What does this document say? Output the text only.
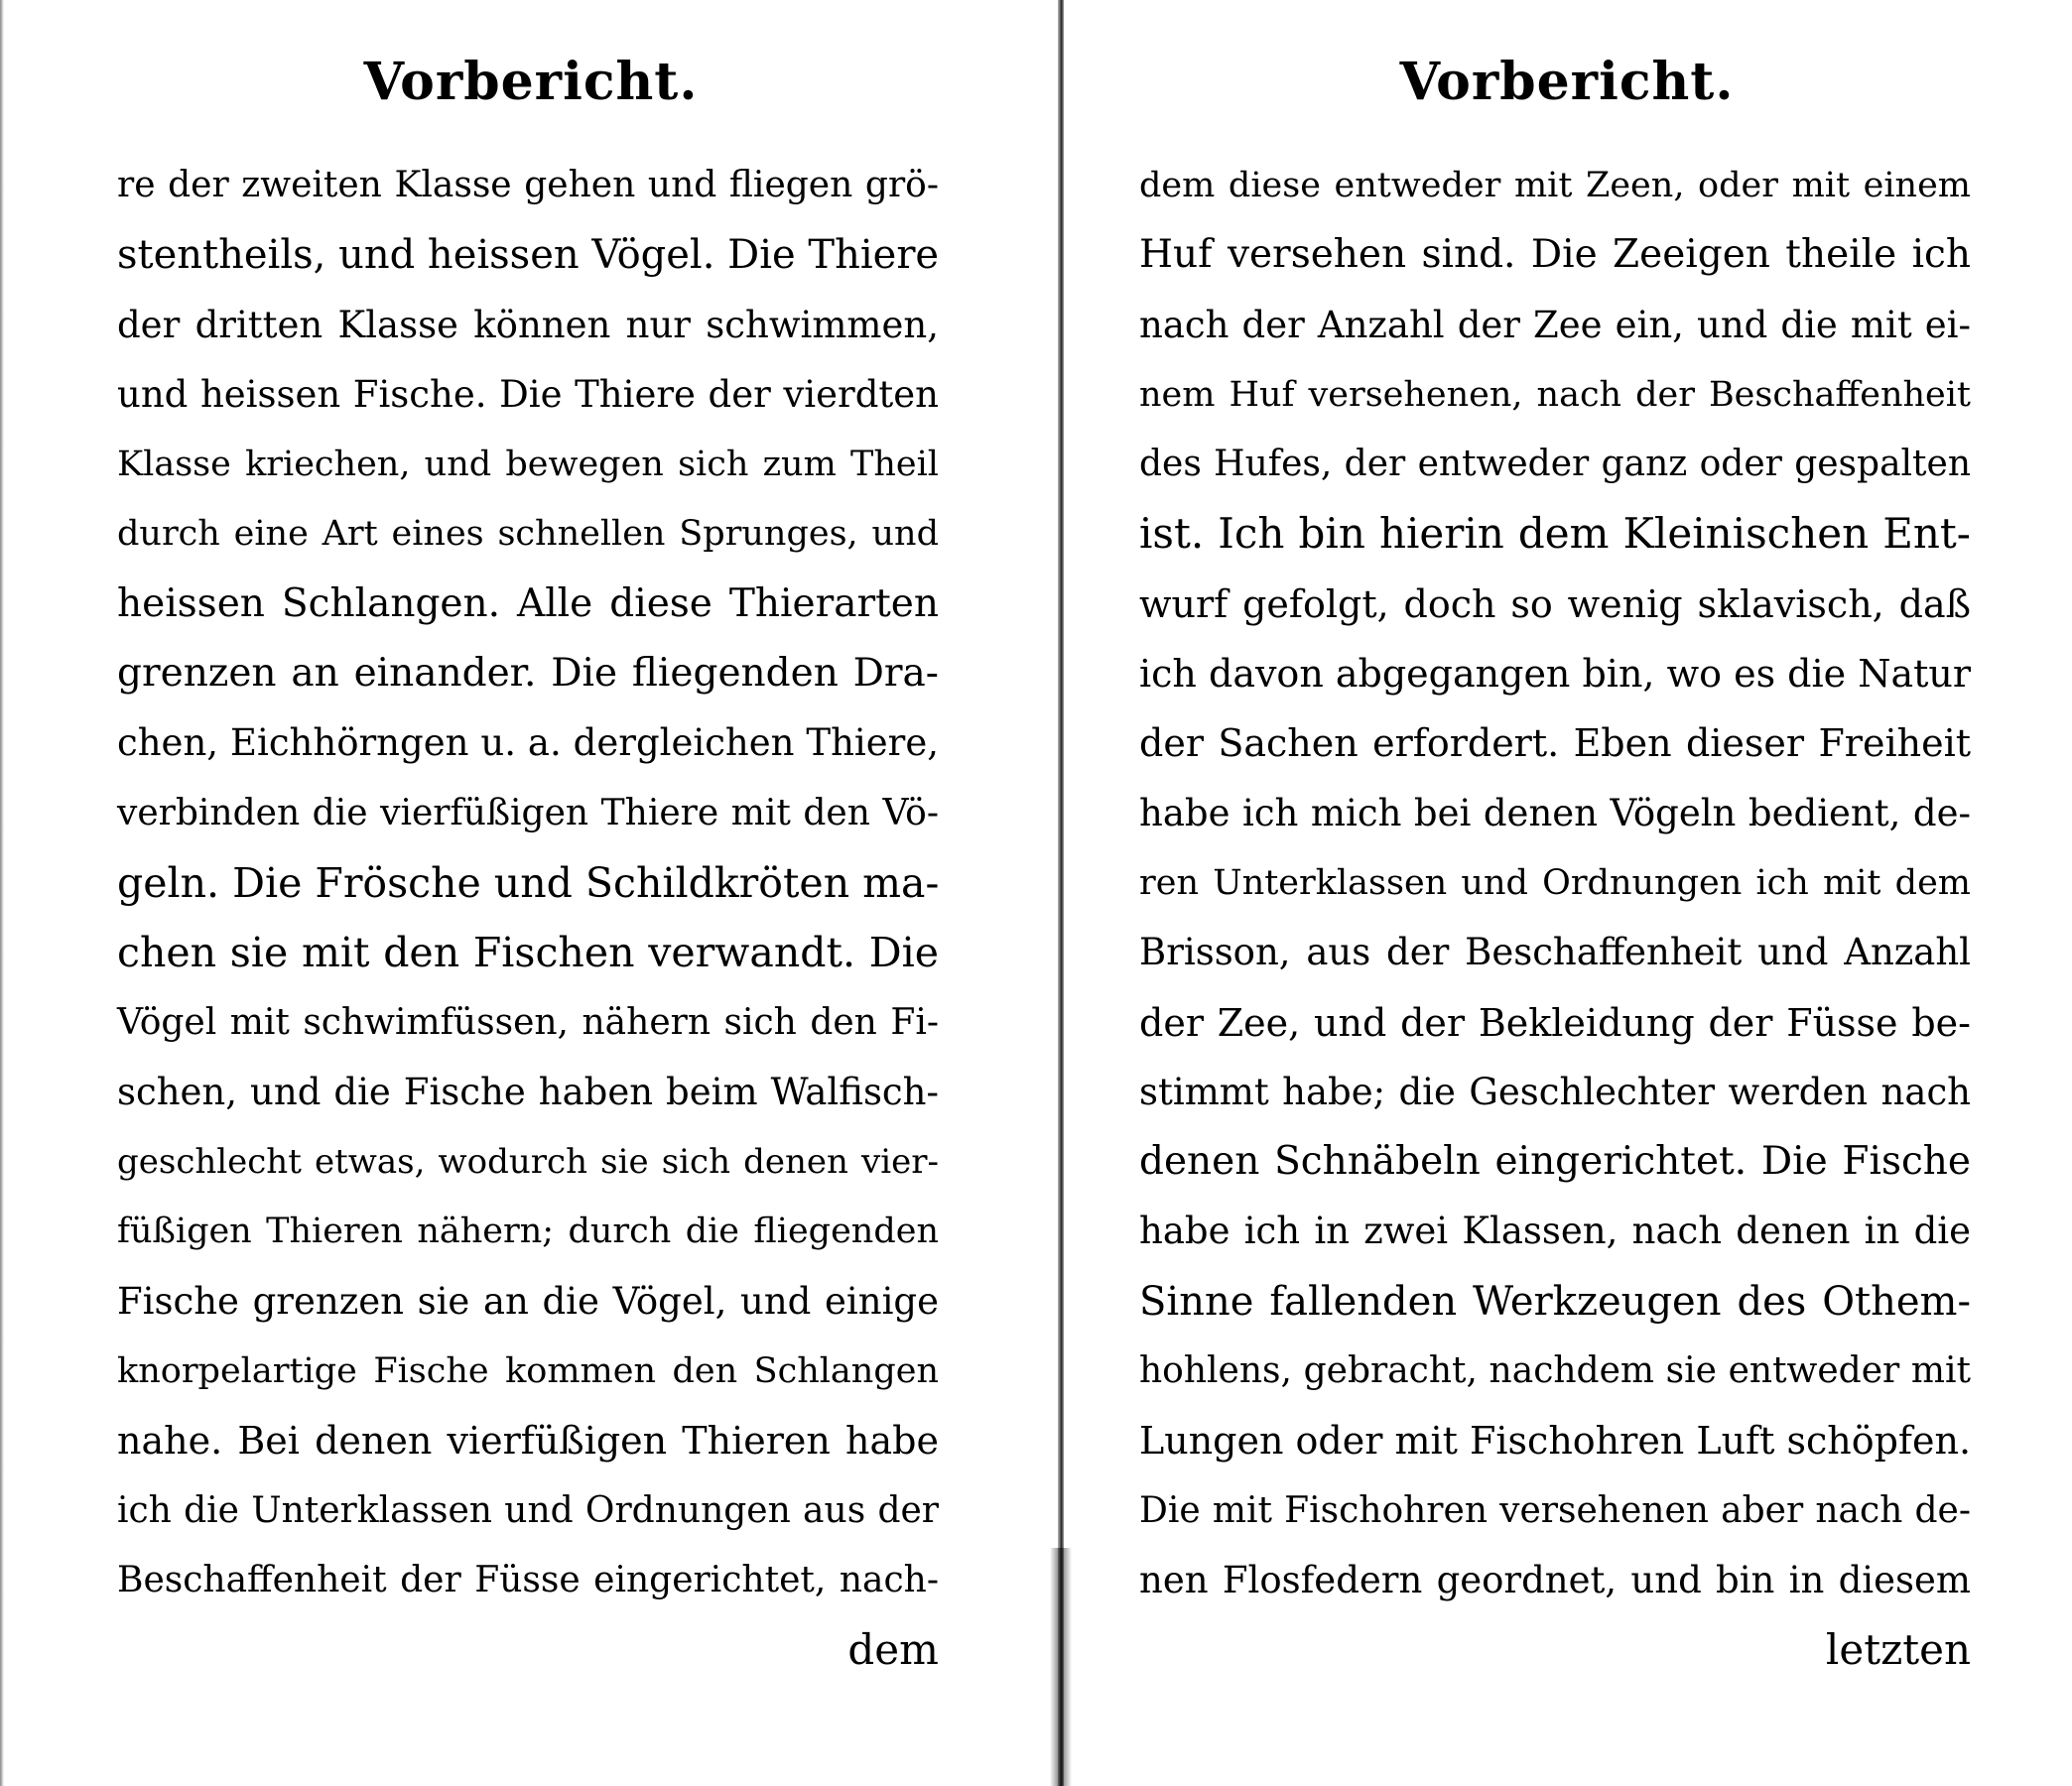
Vorbericht.
re der zweiten Klasse gehen und fliegen grö-
stentheils, und heissen Vögel. Die Thiere
der dritten Klasse können nur schwimmen,
und heissen Fische. Die Thiere der vierdten
Klasse kriechen, und bewegen sich zum Theil
durch eine Art eines schnellen Sprunges, und
heissen Schlangen. Alle diese Thierarten
grenzen an einander. Die fliegenden Dra-
chen, Eichhörngen u. a. dergleichen Thiere,
verbinden die vierfüßigen Thiere mit den Vö-
geln. Die Frösche und Schildkröten ma-
chen sie mit den Fischen verwandt. Die
Vögel mit schwimfüssen, nähern sich den Fi-
schen, und die Fische haben beim Walfisch-
geschlecht etwas, wodurch sie sich denen vier-
füßigen Thieren nähern; durch die fliegenden
Fische grenzen sie an die Vögel, und einige
knorpelartige Fische kommen den Schlangen
nahe. Bei denen vierfüßigen Thieren habe
ich die Unterklassen und Ordnungen aus der
Beschaffenheit der Füsse eingerichtet, nach-
dem
Vorbericht.
dem diese entweder mit Zeen, oder mit einem
Huf versehen sind. Die Zeeigen theile ich
nach der Anzahl der Zee ein, und die mit ei-
nem Huf versehenen, nach der Beschaffenheit
des Hufes, der entweder ganz oder gespalten
ist. Ich bin hierin dem Kleinischen Ent-
wurf gefolgt, doch so wenig sklavisch, daß
ich davon abgegangen bin, wo es die Natur
der Sachen erfordert. Eben dieser Freiheit
habe ich mich bei denen Vögeln bedient, de-
ren Unterklassen und Ordnungen ich mit dem
Brisson, aus der Beschaffenheit und Anzahl
der Zee, und der Bekleidung der Füsse be-
stimmt habe; die Geschlechter werden nach
denen Schnäbeln eingerichtet. Die Fische
habe ich in zwei Klassen, nach denen in die
Sinne fallenden Werkzeugen des Othem-
hohlens, gebracht, nachdem sie entweder mit
Lungen oder mit Fischohren Luft schöpfen.
Die mit Fischohren versehenen aber nach de-
nen Flosfedern geordnet, und bin in diesem
letzten
